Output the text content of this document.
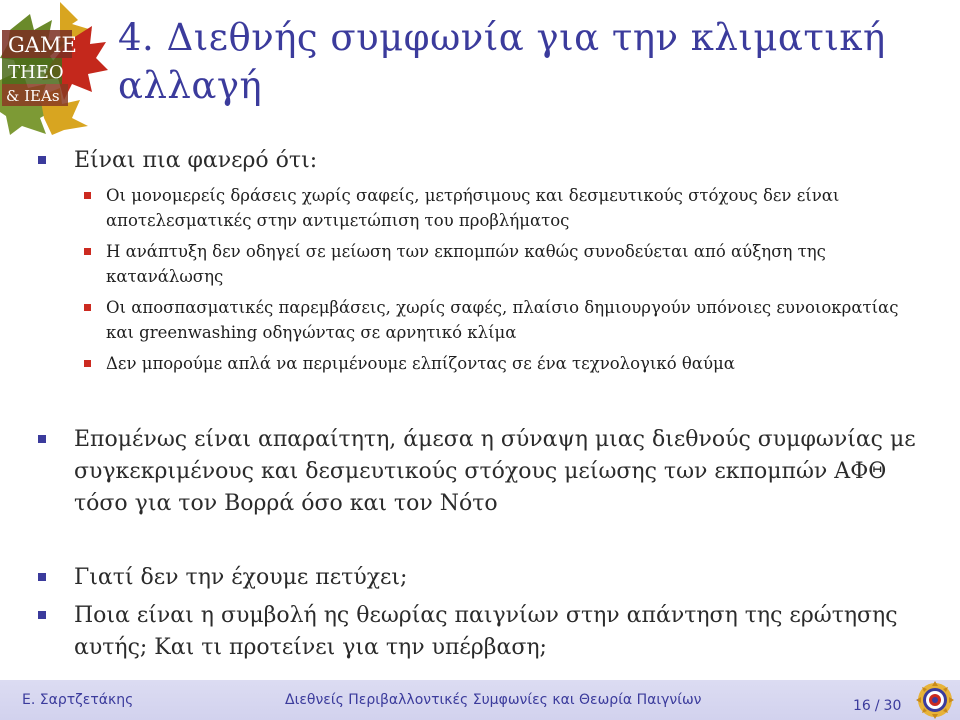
GAME
THEO
& IEAs
4. Διεθνής συμφωνία για την κλιματική αλλαγή
Είναι πια φανερό ότι:
Οι μονομερείς δράσεις χωρίς σαφείς, μετρήσιμους και δεσμευτικούς στόχους δεν είναι αποτελεσματικές στην αντιμετώπιση του προβλήματος
Η ανάπτυξη δεν οδηγεί σε μείωση των εκπομπών καθώς συνοδεύεται από αύξηση της κατανάλωσης
Οι αποσπασματικές παρεμβάσεις, χωρίς σαφές, πλαίσιο δημιουργούν υπόνοιες ευνοιοκρατίας και greenwashing οδηγώντας σε αρνητικό κλίμα
Δεν μπορούμε απλά να περιμένουμε ελπίζοντας σε ένα τεχνολογικό θαύμα
Επομένως είναι απαραίτητη, άμεσα η σύναψη μιας διεθνούς συμφωνίας με συγκεκριμένους και δεσμευτικούς στόχους μείωσης των εκπομπών ΑΦΘ τόσο για τον Βορρά όσο και τον Νότο
Γιατί δεν την έχουμε πετύχει;
Ποια είναι η συμβολή ης θεωρίας παιγνίων στην απάντηση της ερώτησης αυτής; Και τι προτείνει για την υπέρβαση;
Ε. Σαρτζετάκης	Διεθνείς Περιβαλλοντικές Συμφωνίες και Θεωρία Παιγνίων	16 / 30
